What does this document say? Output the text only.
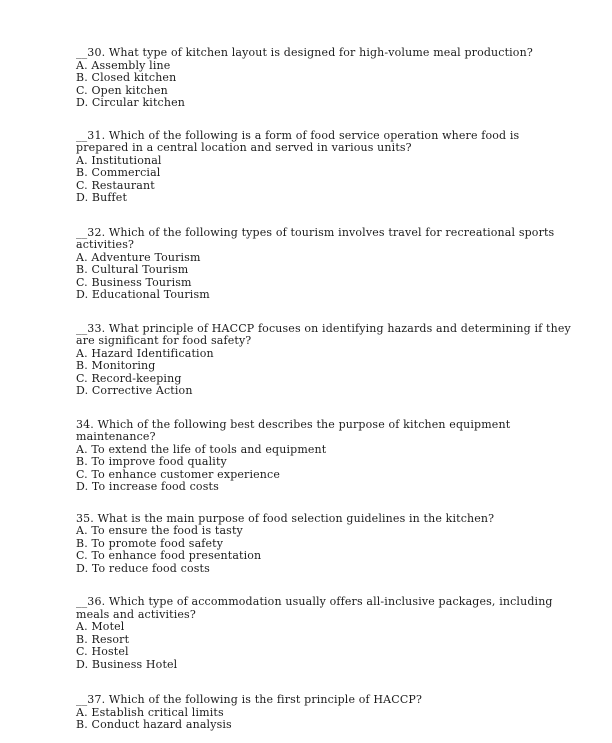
__30. What type of kitchen layout is designed for high-volume meal production?

A. Assembly line
B. Closed kitchen
C. Open kitchen
D. Circular kitchen

__31. Which of the following is a form of food service operation where food is prepared in a central location and served in various units?

A. Institutional
B. Commercial
C. Restaurant
D. Buffet

__32. Which of the following types of tourism involves travel for recreational sports activities?

A. Adventure Tourism
B. Cultural Tourism
C. Business Tourism
D. Educational Tourism

__33. What principle of HACCP focuses on identifying hazards and determining if they are significant for food safety?

A. Hazard Identification
B. Monitoring
C. Record-keeping
D. Corrective Action

34. Which of the following best describes the purpose of kitchen equipment maintenance?

A. To extend the life of tools and equipment
B. To improve food quality
C. To enhance customer experience
D. To increase food costs

35. What is the main purpose of food selection guidelines in the kitchen?

A. To ensure the food is tasty
B. To promote food safety
C. To enhance food presentation
D. To reduce food costs

__36. Which type of accommodation usually offers all-inclusive packages, including meals and activities?

A. Motel
B. Resort
C. Hostel
D. Business Hotel

__37. Which of the following is the first principle of HACCP?

A. Establish critical limits
B. Conduct hazard analysis
